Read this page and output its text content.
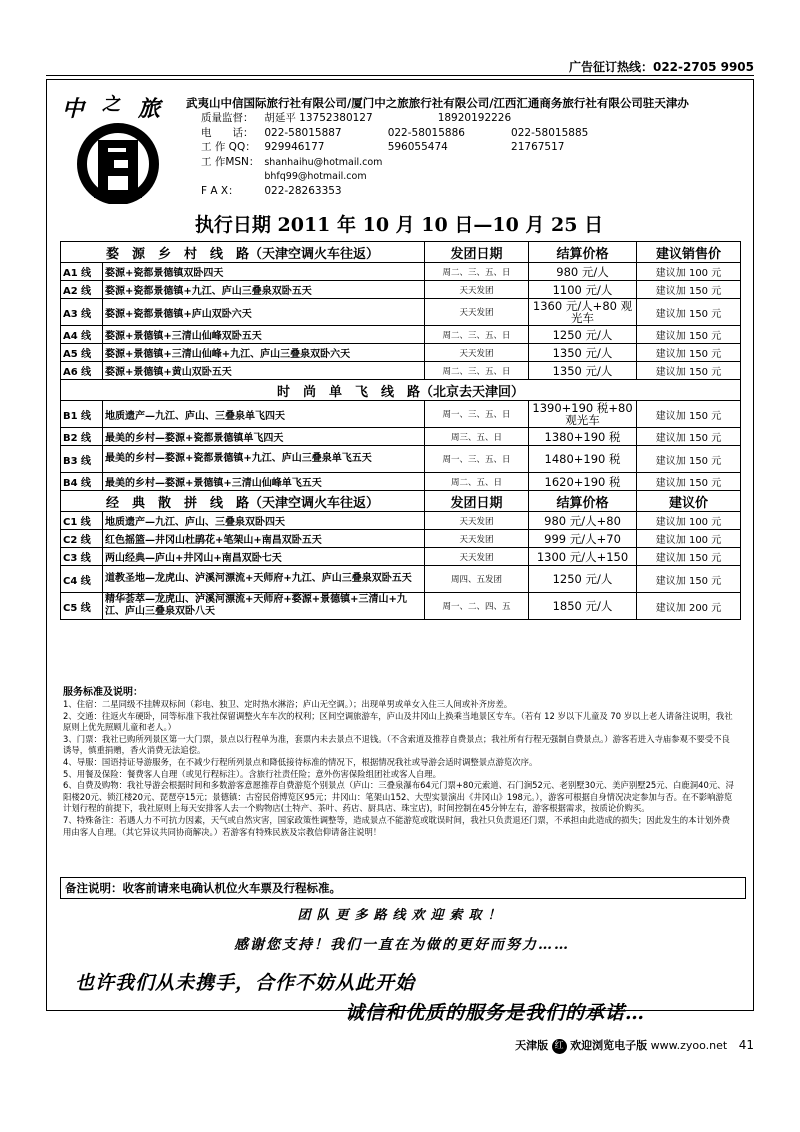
广告征订热线：022-2705 9905
中 之 旅	武夷山中信国际旅行社有限公司/厦门中之旅旅行社有限公司/江西汇通商务旅行社有限公司驻天津办
质量监督： 胡延平 13752380127	18920192226
电　　话： 022-58015887	022-58015886	022-58015885
工 作 QQ： 929946177	596055474	21767517
工 作MSN： shanhaihu@hotmail.com
bhfq99@hotmail.com
F A X： 022-28263353
执行日期 2011 年 10 月 10 日—10 月 25 日
婺　源　乡　村　线　路（天津空调火车往返）		发团日期	结算价格	建议销售价
A1 线	婺源+瓷都景德镇双卧四天	周二、三、五、日	980 元/人	建议加 100 元
A2 线	婺源+瓷都景德镇+九江、庐山三叠泉双卧五天	天天发团	1100 元/人	建议加 150 元
A3 线	婺源+瓷都景德镇+庐山双卧六天	天天发团	1360 元/人+80 观光车	建议加 150 元
A4 线	婺源+景德镇+三清山仙峰双卧五天	周二、三、五、日	1250 元/人	建议加 150 元
A5 线	婺源+景德镇+三清山仙峰+九江、庐山三叠泉双卧六天	天天发团	1350 元/人	建议加 150 元
A6 线	婺源+景德镇+黄山双卧五天	周二、三、五、日	1350 元/人	建议加 150 元
时　尚　单　飞　线　路（北京去天津回）				
B1 线	地质遗产—九江、庐山、三叠泉单飞四天	周一、三、五、日	1390+190 税+80 观光车	建议加 150 元
B2 线	最美的乡村—婺源+瓷都景德镇单飞四天	周三、五、日	1380+190 税	建议加 150 元
B3 线	最美的乡村—婺源+瓷都景德镇+九江、庐山三叠泉单飞五天	周一、三、五、日	1480+190 税	建议加 150 元
B4 线	最美的乡村—婺源+景德镇+三清山仙峰单飞五天	周二、五、日	1620+190 税	建议加 150 元
经　典　散　拼　线　路（天津空调火车往返）		发团日期	结算价格	建议价
C1 线	地质遗产—九江、庐山、三叠泉双卧四天	天天发团	980 元/人+80	建议加 100 元
C2 线	红色摇篮—井冈山杜鹃花+笔架山+南昌双卧五天	天天发团	999 元/人+70	建议加 100 元
C3 线	两山经典—庐山+井冈山+南昌双卧七天	天天发团	1300 元/人+150	建议加 150 元
C4 线	道教圣地—龙虎山、泸溪河漂流+天师府+九江、庐山三叠泉双卧五天	周四、五发团	1250 元/人	建议加 150 元
C5 线	精华荟萃—龙虎山、泸溪河漂流+天师府+婺源+景德镇+三清山+九江、庐山三叠泉双卧八天	周一、二、四、五	1850 元/人	建议加 200 元

服务标准及说明：

1、住宿：二星同级不挂牌双标间（彩电、独卫、定时热水淋浴；庐山无空调。）；出现单男或单女入住三人间或补齐房差。

2、交通：往返火车硬卧，同等标准下我社保留调整火车车次的权利；区间空调旅游车，庐山及井冈山上换乘当地景区专车。（若有 12 岁以下儿童及 70 岁以上老人请备注说明，我社原则上优先照顾儿童和老人。）

3、门票：我社已购所列景区第一大门票，景点以行程单为准，套票内未去景点不退钱。（不含索道及推荐自费景点；我社所有行程无强制自费景点。）游客若进入寺庙参观不要受不良诱导，慎重捐赠，香火消费无法追偿。

4、导服：国语持证导游服务，在不减少行程所列景点和降低接待标准的情况下，根据情况我社或导游会适时调整景点游览次序。

5、用餐及保险：餐费客人自理（或见行程标注）。含旅行社责任险；意外伤害保险组团社或客人自理。

6、自费及购物：我社导游会根据时间和多数游客意愿推荐自费游览个别景点（庐山：三叠泉瀑布64元门票+80元索道、石门涧52元、老别墅30元、美庐别墅25元、白鹿洞40元、浔阳楼20元、锁江楼20元、琵琶亭15元；景德镇：古窑民俗博览区95元；井冈山：笔架山152、大型实景演出《井冈山》198元。），游客可根据自身情况决定参加与否。在不影响游览计划行程的前提下，我社原则上每天安排客人去一个购物店(土特产、茶叶、药店、厨具店、珠宝店)，时间控制在45分钟左右，游客根据需求，按质论价购买。

7、特殊备注：若遇人力不可抗力因素，天气或自然灾害，国家政策性调整等，造成景点不能游览或耽误时间，我社只负责退还门票，不承担由此造成的损失；因此发生的本计划外费用由客人自理。（其它异议共同协商解决。）若游客有特殊民族及宗教信仰请备注说明！

备注说明：收客前请来电确认机位火车票及行程标准。
团队更多路线欢迎索取！
感谢您支持！我们一直在为做的更好而努力……
也许我们从未携手，合作不妨从此开始
诚信和优质的服务是我们的承诺…
天津版 红 欢迎浏览电子版 www.zyoo.net 41
